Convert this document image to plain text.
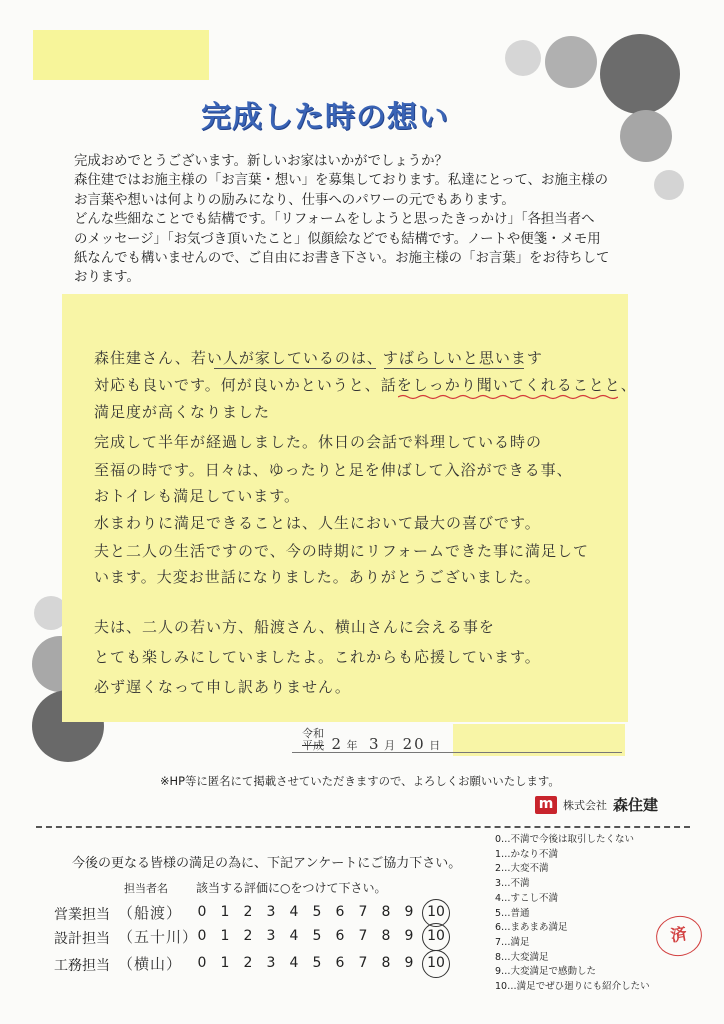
完成した時の想い

完成おめでとうございます。新しいお家はいかがでしょうか？

森住建ではお施主様の「お言葉・想い」を募集しております。私達にとって、お施主様の

お言葉や想いは何よりの励みになり、仕事へのパワーの元でもあります。

どんな些細なことでも結構です。「リフォームをしようと思ったきっかけ」「各担当者へ

のメッセージ」「お気づき頂いたこと」似顔絵などでも結構です。ノートや便箋・メモ用

紙なんでも構いませんので、ご自由にお書き下さい。お施主様の「お言葉」をお待ちして

おります。

森住建さん、若い人が家しているのは、すばらしいと思います
対応も良いです。何が良いかというと、話をしっかり聞いてくれることと、
満足度が高くなりました
完成して半年が経過しました。休日の会話で料理している時の
至福の時です。日々は、ゆったりと足を伸ばして入浴ができる事、
おトイレも満足しています。
水まわりに満足できることは、人生において最大の喜びです。
夫と二人の生活ですので、今の時期にリフォームできた事に満足して
います。大変お世話になりました。ありがとうございました。
夫は、二人の若い方、船渡さん、横山さんに会える事を
とても楽しみにしていましたよ。これからも応援しています。
必ず遅くなって申し訳ありません。
令和
平成 2 年 3 月 20 日
※HP等に匿名にて掲載させていただきますので、よろしくお願いいたします。
m 株式会社 森住建
今後の更なる皆様の満足の為に、下記アンケートにご協力下さい。
担当者名 該当する評価に○をつけて下さい。
営業担当 （船渡）	0	1	2	3	4	5	6	7	8	9 10
設計担当 （五十川） 0	1	2	3	4	5	6	7	8	9 10
工務担当 （横山）	0	1	2	3	4	5	6	7	8	9 10
0…不満で今後は取引したくない
1…かなり不満
2…大変不満
3…不満
4…すこし不満
5…普通
6…まあまあ満足
7…満足
8…大変満足
9…大変満足で感動した
10…満足でぜひ廻りにも紹介したい
済
